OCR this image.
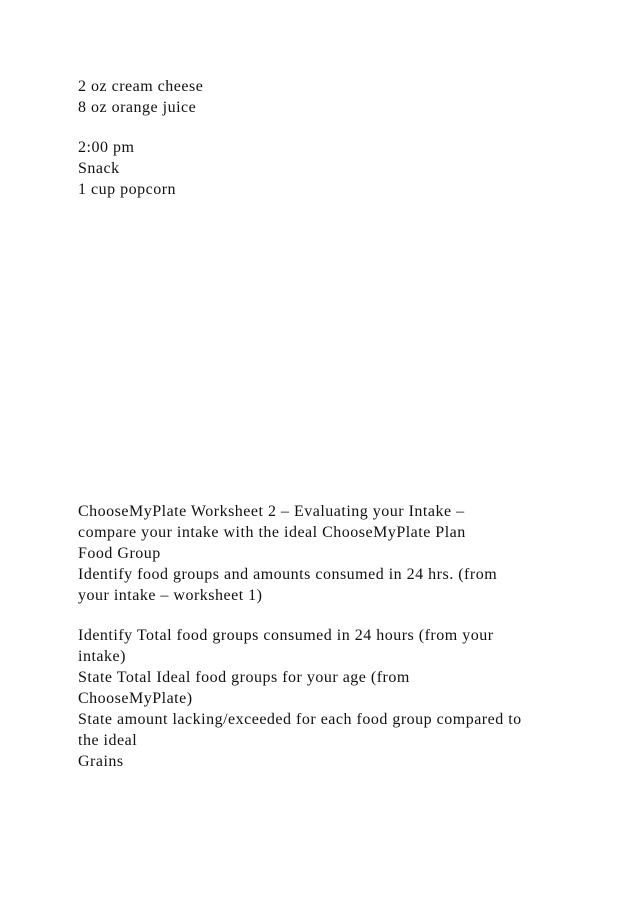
2 oz cream cheese
8 oz orange juice
2:00 pm
Snack
1 cup popcorn
ChooseMyPlate Worksheet 2 – Evaluating your Intake –
compare your intake with the ideal ChooseMyPlate Plan
Food Group
Identify food groups and amounts consumed in 24 hrs. (from
your intake – worksheet 1)
Identify Total food groups consumed in 24 hours (from your
intake)
State Total Ideal food groups for your age (from
ChooseMyPlate)
State amount lacking/exceeded for each food group compared to
the ideal
Grains
